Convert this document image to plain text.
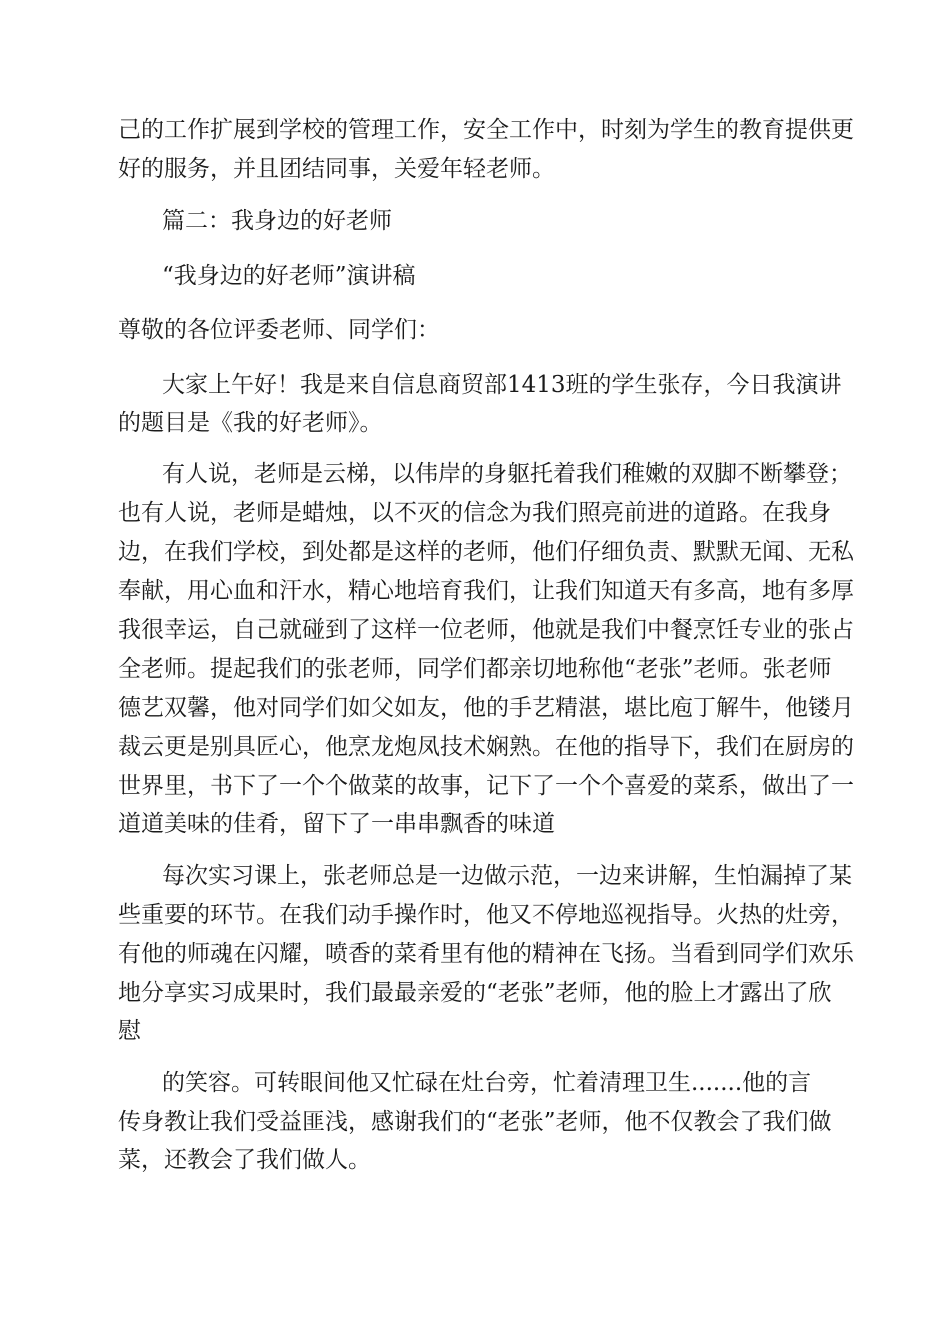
己的工作扩展到学校的管理工作，安全工作中，时刻为学生的教育提供更

好的服务，并且团结同事，关爱年轻老师。

篇二：我身边的好老师

“我身边的好老师”演讲稿

尊敬的各位评委老师、同学们：

大家上午好！我是来自信息商贸部1413班的学生张存，今日我演讲

的题目是《我的好老师》。

有人说，老师是云梯，以伟岸的身躯托着我们稚嫩的双脚不断攀登；

也有人说，老师是蜡烛，以不灭的信念为我们照亮前进的道路。在我身

边，在我们学校，到处都是这样的老师，他们仔细负责、默默无闻、无私

奉献，用心血和汗水，精心地培育我们，让我们知道天有多高，地有多厚

我很幸运，自己就碰到了这样一位老师，他就是我们中餐烹饪专业的张占

全老师。提起我们的张老师，同学们都亲切地称他“老张”老师。张老师

德艺双馨，他对同学们如父如友，他的手艺精湛，堪比庖丁解牛，他镂月

裁云更是别具匠心，他烹龙炮凤技术娴熟。在他的指导下，我们在厨房的

世界里，书下了一个个做菜的故事，记下了一个个喜爱的菜系，做出了一

道道美味的佳肴，留下了一串串飘香的味道

每次实习课上，张老师总是一边做示范，一边来讲解，生怕漏掉了某

些重要的环节。在我们动手操作时，他又不停地巡视指导。火热的灶旁，

有他的师魂在闪耀，喷香的菜肴里有他的精神在飞扬。当看到同学们欢乐

地分享实习成果时，我们最最亲爱的“老张”老师，他的脸上才露出了欣

慰

的笑容。可转眼间他又忙碌在灶台旁，忙着清理卫生.......他的言

传身教让我们受益匪浅，感谢我们的“老张”老师，他不仅教会了我们做

菜，还教会了我们做人。
